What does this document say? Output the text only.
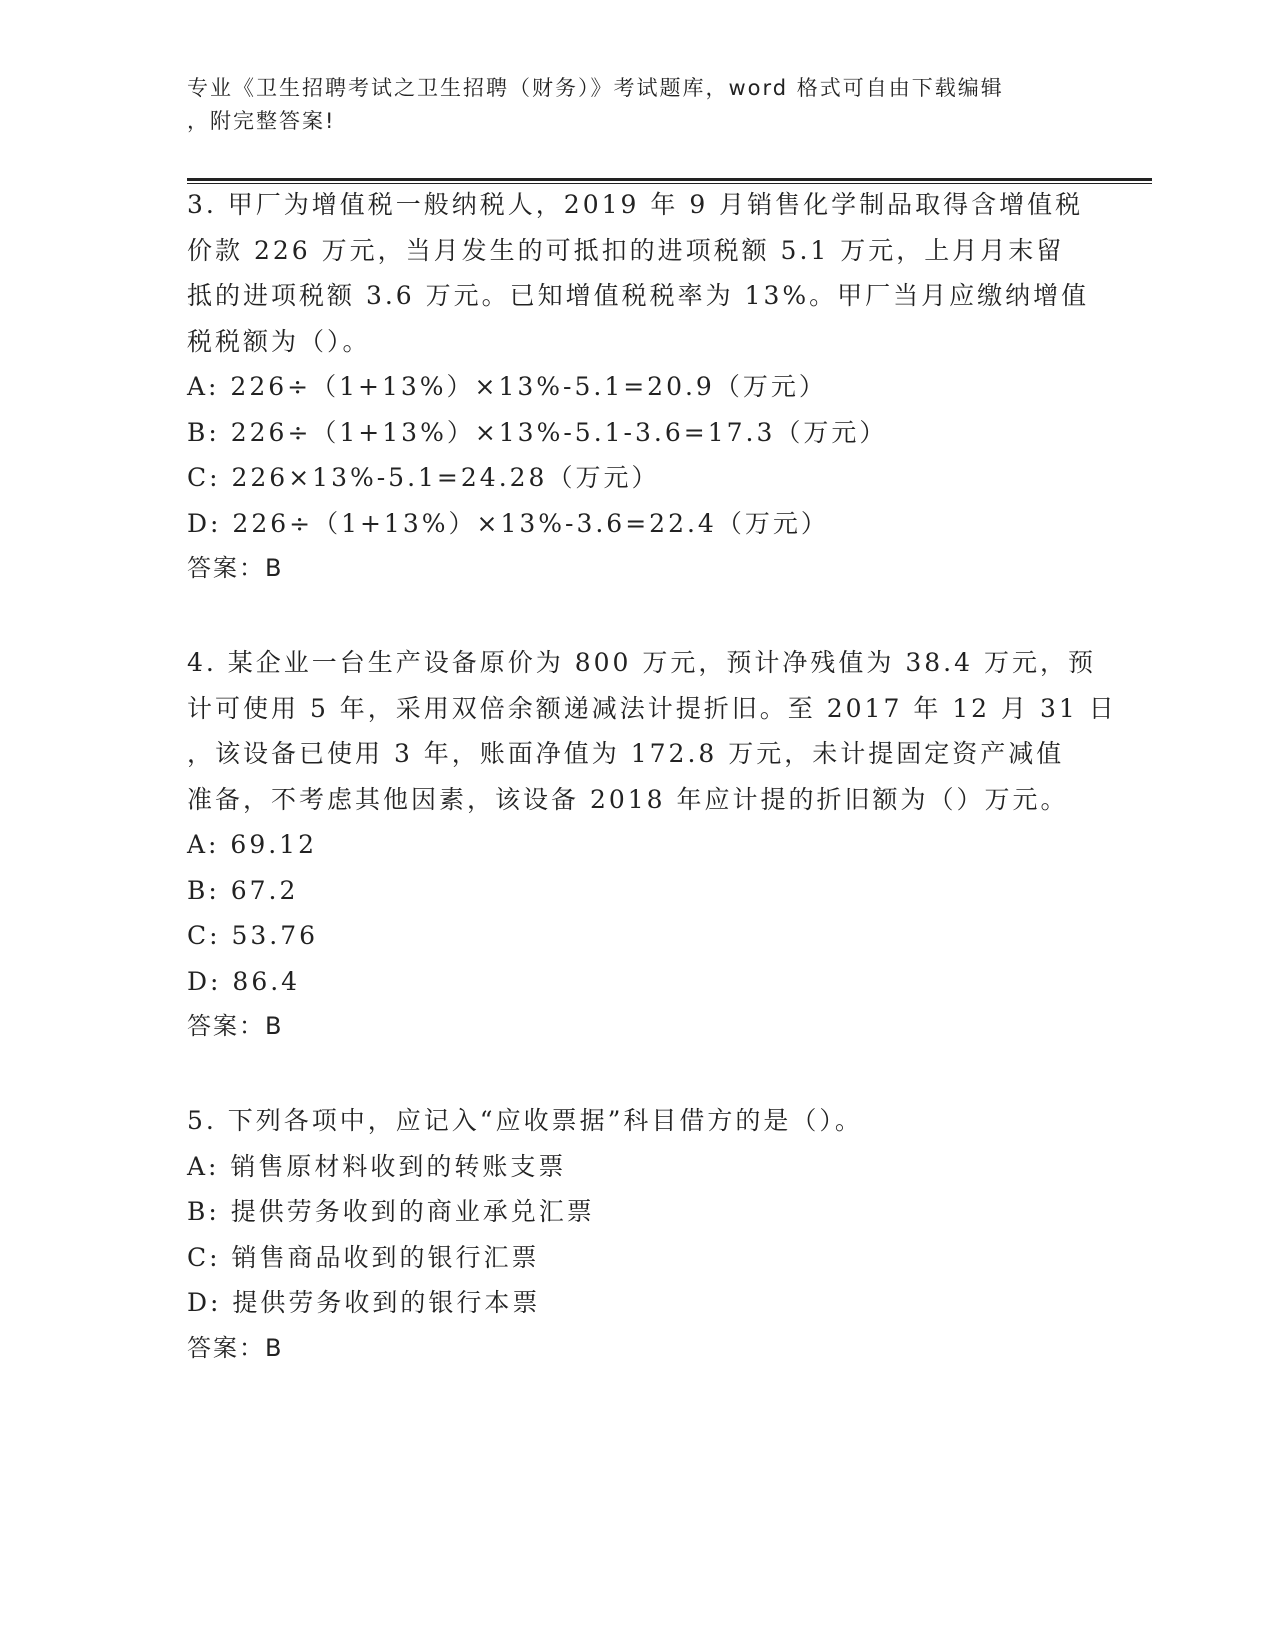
专业《卫生招聘考试之卫生招聘（财务）》考试题库，word 格式可自由下载编辑
，附完整答案!
3. 甲厂为增值税一般纳税人，2019 年 9 月销售化学制品取得含增值税
价款 226 万元，当月发生的可抵扣的进项税额 5.1 万元，上月月末留
抵的进项税额 3.6 万元。已知增值税税率为 13%。甲厂当月应缴纳增值
税税额为（）。
A: 226÷（1+13%）×13%-5.1=20.9（万元）
B: 226÷（1+13%）×13%-5.1-3.6=17.3（万元）
C: 226×13%-5.1=24.28（万元）
D: 226÷（1+13%）×13%-3.6=22.4（万元）
答案：B
4. 某企业一台生产设备原价为 800 万元，预计净残值为 38.4 万元，预
计可使用 5 年，采用双倍余额递减法计提折旧。至 2017 年 12 月 31 日
，该设备已使用 3 年，账面净值为 172.8 万元，未计提固定资产减值
准备，不考虑其他因素，该设备 2018 年应计提的折旧额为（）万元。
A: 69.12
B: 67.2
C: 53.76
D: 86.4
答案：B
5. 下列各项中，应记入“应收票据”科目借方的是（）。
A: 销售原材料收到的转账支票
B: 提供劳务收到的商业承兑汇票
C: 销售商品收到的银行汇票
D: 提供劳务收到的银行本票
答案：B
